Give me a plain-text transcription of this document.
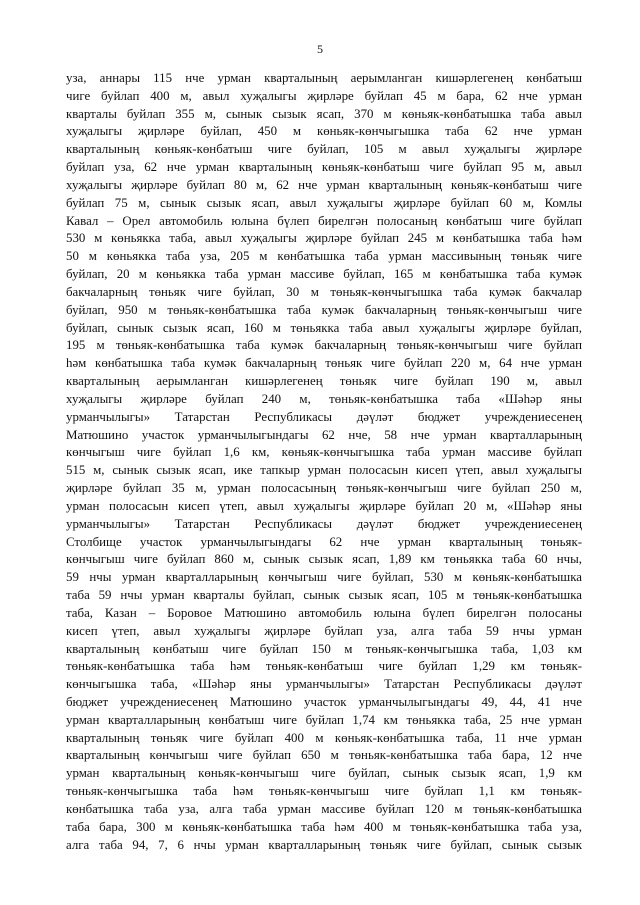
5
уза, аннары 115 нче урман кварталының аерымланган кишәрлегенең көнбатыш
чиге буйлап 400 м, авыл хуҗалыгы җирләре буйлап 45 м бара, 62 нче урман
кварталы буйлап 355 м, сынык сызык ясап, 370 м көньяк-көнбатышка таба авыл
хуҗалыгы җирләре буйлап, 450 м көньяк-көнчыгышка таба 62 нче урман
кварталының көньяк-көнбатыш чиге буйлап, 105 м авыл хуҗалыгы җирләре
буйлап уза, 62 нче урман кварталының көньяк-көнбатыш чиге буйлап 95 м, авыл
хуҗалыгы җирләре буйлап 80 м, 62 нче урман кварталының көньяк-көнбатыш чиге
буйлап 75 м, сынык сызык ясап, авыл хуҗалыгы җирләре буйлап 60 м, Комлы
Кавал – Орел автомобиль юлына бүлеп бирелгән полосаның көнбатыш чиге буйлап
530 м көньякка таба, авыл хуҗалыгы җирләре буйлап 245 м көнбатышка таба һәм
50 м көньякка таба уза, 205 м көнбатышка таба урман массивының төньяк чиге
буйлап, 20 м көньякка таба урман массиве буйлап, 165 м көнбатышка таба кумәк
бакчаларның төньяк чиге буйлап, 30 м төньяк-көнчыгышка таба кумәк бакчалар
буйлап, 950 м төньяк-көнбатышка таба кумәк бакчаларның төньяк-көнчыгыш чиге
буйлап, сынык сызык ясап, 160 м төньякка таба авыл хуҗалыгы җирләре буйлап,
195 м төньяк-көнбатышка таба кумәк бакчаларның төньяк-көнчыгыш чиге буйлап
һәм көнбатышка таба кумәк бакчаларның төньяк чиге буйлап 220 м, 64 нче урман
кварталының аерымланган кишәрлегенең төньяк чиге буйлап 190 м, авыл
хуҗалыгы җирләре буйлап 240 м, төньяк-көнбатышка таба «Шәһәр яны
урманчылыгы» Татарстан Республикасы дәүләт бюджет учреждениесенең
Матюшино участок урманчылыгындагы 62 нче, 58 нче урман кварталларының
көнчыгыш чиге буйлап 1,6 км, көньяк-көнчыгышка таба урман массиве буйлап
515 м, сынык сызык ясап, ике тапкыр урман полосасын кисеп үтеп, авыл хуҗалыгы
җирләре буйлап 35 м, урман полосасының төньяк-көнчыгыш чиге буйлап 250 м,
урман полосасын кисеп үтеп, авыл хуҗалыгы җирләре буйлап 20 м, «Шәһәр яны
урманчылыгы» Татарстан Республикасы дәүләт бюджет учреждениесенең
Столбище участок урманчылыгындагы 62 нче урман кварталының төньяк-
көнчыгыш чиге буйлап 860 м, сынык сызык ясап, 1,89 км төньякка таба 60 нчы,
59 нчы урман кварталларының көнчыгыш чиге буйлап, 530 м көньяк-көнбатышка
таба 59 нчы урман кварталы буйлап, сынык сызык ясап, 105 м төньяк-көнбатышка
таба, Казан – Боровое Матюшино автомобиль юлына бүлеп бирелгән полосаны
кисеп үтеп, авыл хуҗалыгы җирләре буйлап уза, алга таба 59 нчы урман
кварталының көнбатыш чиге буйлап 150 м төньяк-көнчыгышка таба, 1,03 км
төньяк-көнбатышка таба һәм төньяк-көнбатыш чиге буйлап 1,29 км төньяк-
көнчыгышка таба, «Шәһәр яны урманчылыгы» Татарстан Республикасы дәүләт
бюджет учреждениесенең Матюшино участок урманчылыгындагы 49, 44, 41 нче
урман кварталларының көнбатыш чиге буйлап 1,74 км төньякка таба, 25 нче урман
кварталының төньяк чиге буйлап 400 м көньяк-көнбатышка таба, 11 нче урман
кварталының көнчыгыш чиге буйлап 650 м төньяк-көнбатышка таба бара, 12 нче
урман кварталының көньяк-көнчыгыш чиге буйлап, сынык сызык ясап, 1,9 км
төньяк-көнчыгышка таба һәм төньяк-көнчыгыш чиге буйлап 1,1 км төньяк-
көнбатышка таба уза, алга таба урман массиве буйлап 120 м төньяк-көнбатышка
таба бара, 300 м көньяк-көнбатышка таба һәм 400 м төньяк-көнбатышка таба уза,
алга таба 94, 7, 6 нчы урман кварталларының төньяк чиге буйлап, сынык сызык
